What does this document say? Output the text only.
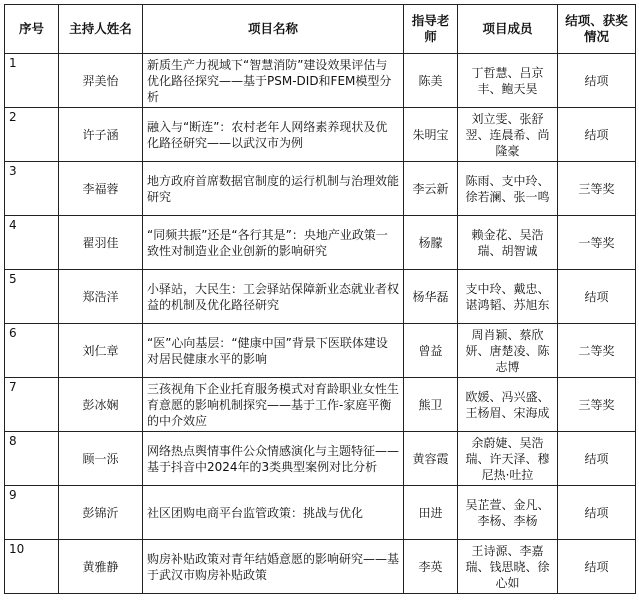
序号	主持人姓名	项目名称	指导老师	项目成员	结项、获奖情况
1	羿美怡	新质生产力视域下“智慧消防”建设效果评估与优化路径探究——基于PSM-DID和FEM模型分析	陈美	丁哲慧、吕京丰、鲍天昊	结项
2	许子涵	融入与“断连”：农村老年人网络素养现状及优化路径研究——以武汉市为例	朱明宝	刘立雯、张舒翌、连晨希、尚隆豪	结项
3	李福蓉	地方政府首席数据官制度的运行机制与治理效能研究	李云新	陈雨、支中玲、徐若澜、张一鸣	三等奖
4	翟羽佳	“同频共振”还是“各行其是”：央地产业政策一致性对制造业企业创新的影响研究	杨朦	赖金花、吴浩瑞、胡智诚	一等奖
5	郑浩洋	小驿站，大民生：工会驿站保障新业态就业者权益的机制及优化路径研究	杨华磊	支中玲、戴忠、谌鸿韬、苏旭东	结项
6	刘仁章	“医”心向基层：“健康中国”背景下医联体建设对居民健康水平的影响	曾益	周肖颖、蔡欣妍、唐楚凌、陈志博	二等奖
7	彭冰娴	三孩视角下企业托育服务模式对育龄职业女性生育意愿的影响机制探究——基于工作-家庭平衡的中介效应	熊卫	欧媛、冯兴盛、王杨眉、宋海成	三等奖
8	顾一泺	网络热点舆情事件公众情感演化与主题特征——基于抖音中2024年的3类典型案例对比分析	黄容霞	余蔚婕、吴浩瑞、许天泽、穆尼热·吐拉	结项
9	彭锦沂	社区团购电商平台监管政策：挑战与优化	田进	吴芷萱、金凡、李杨、李杨	结项
10	黄雅静	购房补贴政策对青年结婚意愿的影响研究——基于武汉市购房补贴政策	李英	王诗源、李嘉瑞、钱思晓、徐心如	结项
